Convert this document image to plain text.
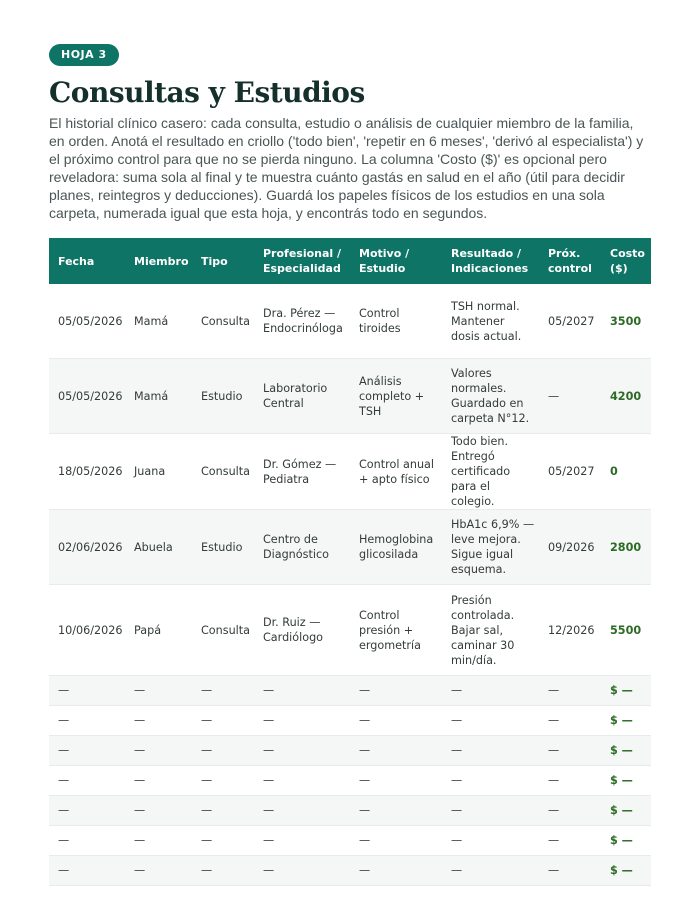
HOJA 3
Consultas y Estudios

El historial clínico casero: cada consulta, estudio o análisis de cualquier miembro de la familia, en orden. Anotá el resultado en criollo ('todo bien', 'repetir en 6 meses', 'derivó al especialista') y el próximo control para que no se pierda ninguno. La columna 'Costo ($)' es opcional pero reveladora: suma sola al final y te muestra cuánto gastás en salud en el año (útil para decidir planes, reintegros y deducciones). Guardá los papeles físicos de los estudios en una sola carpeta, numerada igual que esta hoja, y encontrás todo en segundos.

Fecha	Miembro	Tipo	Profesional / Especialidad	Motivo / Estudio	Resultado / Indicaciones	Próx. control	Costo ($)
05/05/2026	Mamá	Consulta	Dra. Pérez — Endocrinóloga	Control tiroides	TSH normal. Mantener dosis actual.	05/2027	3500
05/05/2026	Mamá	Estudio	Laboratorio Central	Análisis completo + TSH	Valores normales. Guardado en carpeta N°12.	—	4200
18/05/2026	Juana	Consulta	Dr. Gómez — Pediatra	Control anual + apto físico	Todo bien. Entregó certificado para el colegio.	05/2027	0
02/06/2026	Abuela	Estudio	Centro de Diagnóstico	Hemoglobina glicosilada	HbA1c 6,9% — leve mejora. Sigue igual esquema.	09/2026	2800
10/06/2026	Papá	Consulta	Dr. Ruiz — Cardiólogo	Control presión + ergometría	Presión controlada. Bajar sal, caminar 30 min/día.	12/2026	5500
—	—	—	—	—	—	—	$ —
—	—	—	—	—	—	—	$ —
—	—	—	—	—	—	—	$ —
—	—	—	—	—	—	—	$ —
—	—	—	—	—	—	—	$ —
—	—	—	—	—	—	—	$ —
—	—	—	—	—	—	—	$ —
